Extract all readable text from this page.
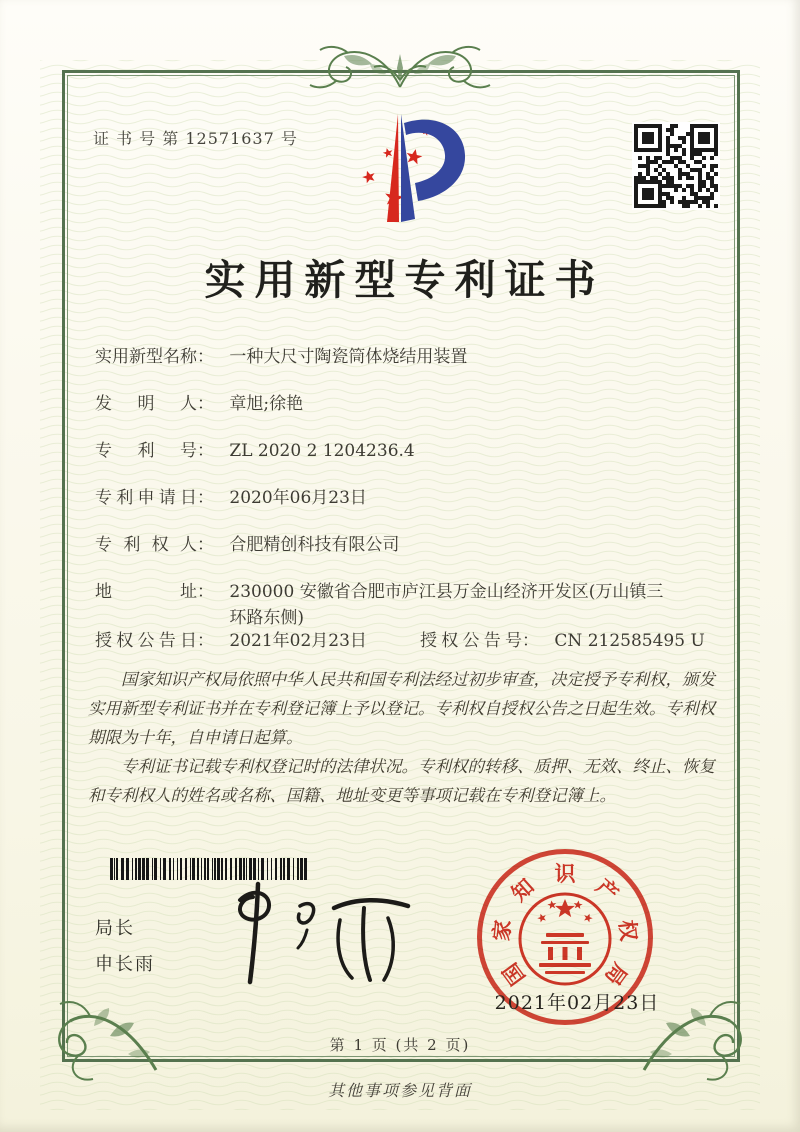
证 书 号 第 12571637 号
实用新型专利证书
实用新型名称： 一种大尺寸陶瓷筒体烧结用装置
发明人： 章旭;徐艳
专利号： ZL 2020 2 1204236.4
专利申请日： 2020年06月23日
专利权人： 合肥精创科技有限公司
地址： 230000 安徽省合肥市庐江县万金山经济开发区(万山镇三环路东侧)
授权公告日： 2021年02月23日	授权公告号： CN 212585495 U

国家知识产权局依照中华人民共和国专利法经过初步审查，决定授予专利权，颁发实用新型专利证书并在专利登记簿上予以登记。专利权自授权公告之日起生效。专利权期限为十年，自申请日起算。

专利证书记载专利权登记时的法律状况。专利权的转移、质押、无效、终止、恢复和专利权人的姓名或名称、国籍、地址变更等事项记载在专利登记簿上。

局长
申长雨	国
家
知 识 产
权
局
2021年02月23日
第 1 页 (共 2 页)
其他事项参见背面
